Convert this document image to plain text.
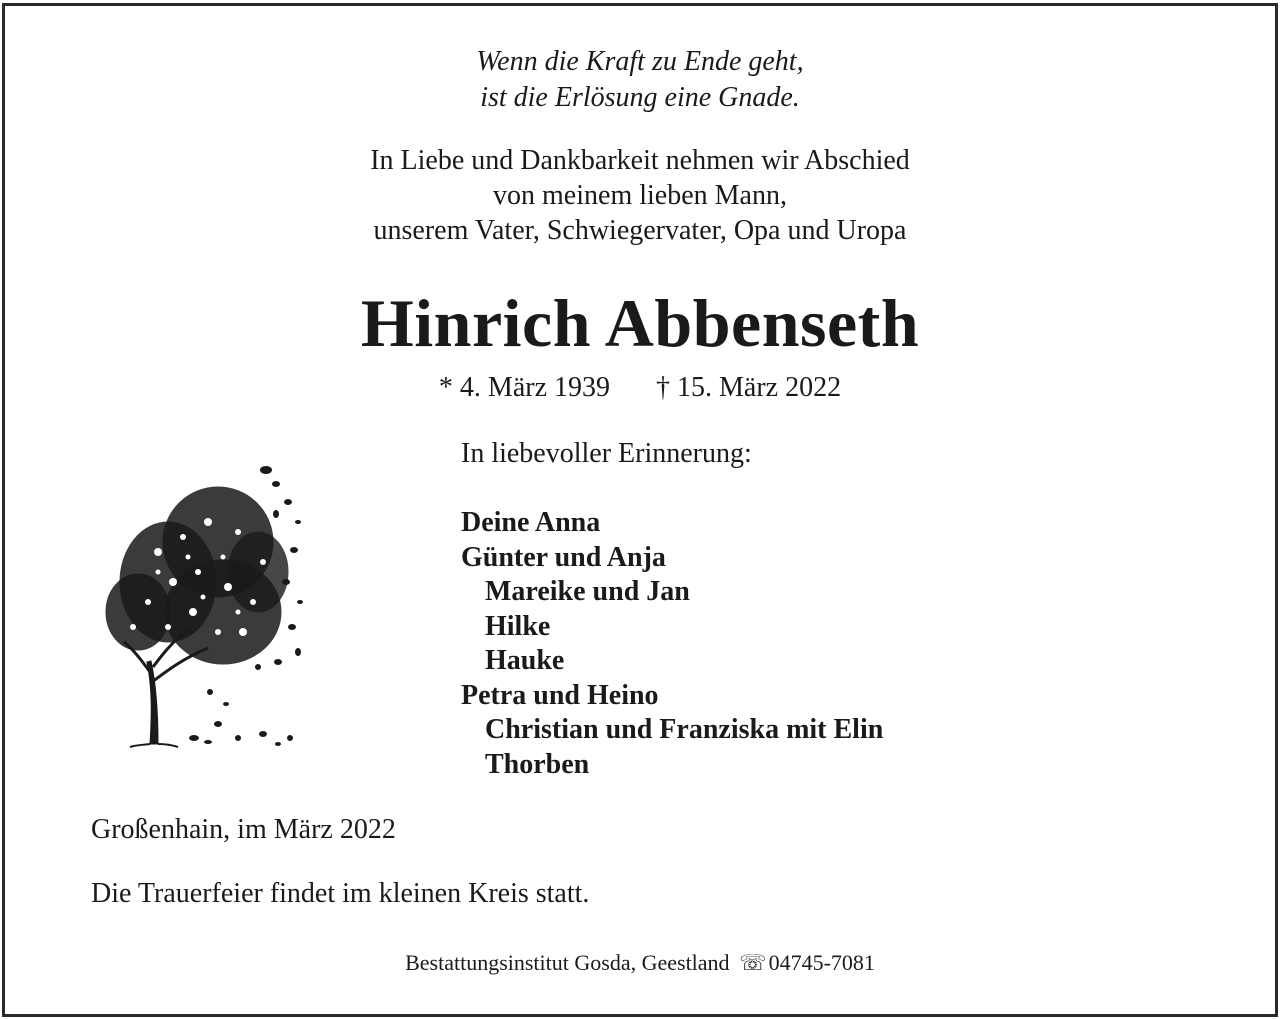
Wenn die Kraft zu Ende geht,
ist die Erlösung eine Gnade.
In Liebe und Dankbarkeit nehmen wir Abschied
von meinem lieben Mann,
unserem Vater, Schwiegervater, Opa und Uropa
Hinrich Abbenseth
* 4. März 1939 † 15. März 2022
In liebevoller Erinnerung:
Deine Anna
Günter und Anja
Mareike und Jan
Hilke
Hauke
Petra und Heino
Christian und Franziska mit Elin
Thorben
Großenhain, im März 2022
Die Trauerfeier findet im kleinen Kreis statt.
Bestattungsinstitut Gosda, Geestland ☏04745-7081
